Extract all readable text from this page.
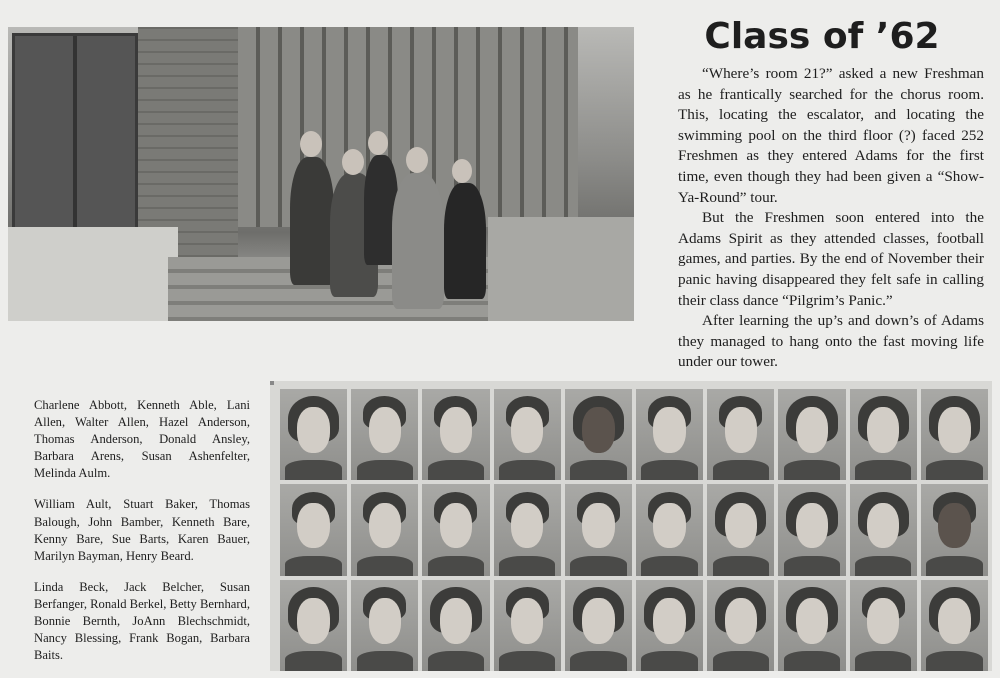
Class of ’62

“Where’s room 21?” asked a new Freshman as he frantically searched for the chorus room. This, locating the escalator, and locating the swimming pool on the third floor (?) faced 252 Freshmen as they entered Adams for the first time, even though they had been given a “Show-Ya-Round” tour.

But the Freshmen soon entered into the Adams Spirit as they attended classes, football games, and parties. By the end of November their panic having disappeared they felt safe in calling their class dance “Pilgrim’s Panic.”

After learning the up’s and down’s of Adams they managed to hang onto the fast moving life under our tower.

Charlene Abbott, Kenneth Able, Lani Allen, Walter Allen, Hazel Anderson, Thomas Anderson, Donald Ansley, Barbara Arens, Susan Ashenfelter, Melinda Aulm.

William Ault, Stuart Baker, Thomas Balough, John Bamber, Kenneth Bare, Kenny Bare, Sue Barts, Karen Bauer, Marilyn Bayman, Henry Beard.

Linda Beck, Jack Belcher, Susan Berfanger, Ronald Berkel, Betty Bernhard, Bonnie Bernth, JoAnn Blechschmidt, Nancy Blessing, Frank Bogan, Barbara Baits.
